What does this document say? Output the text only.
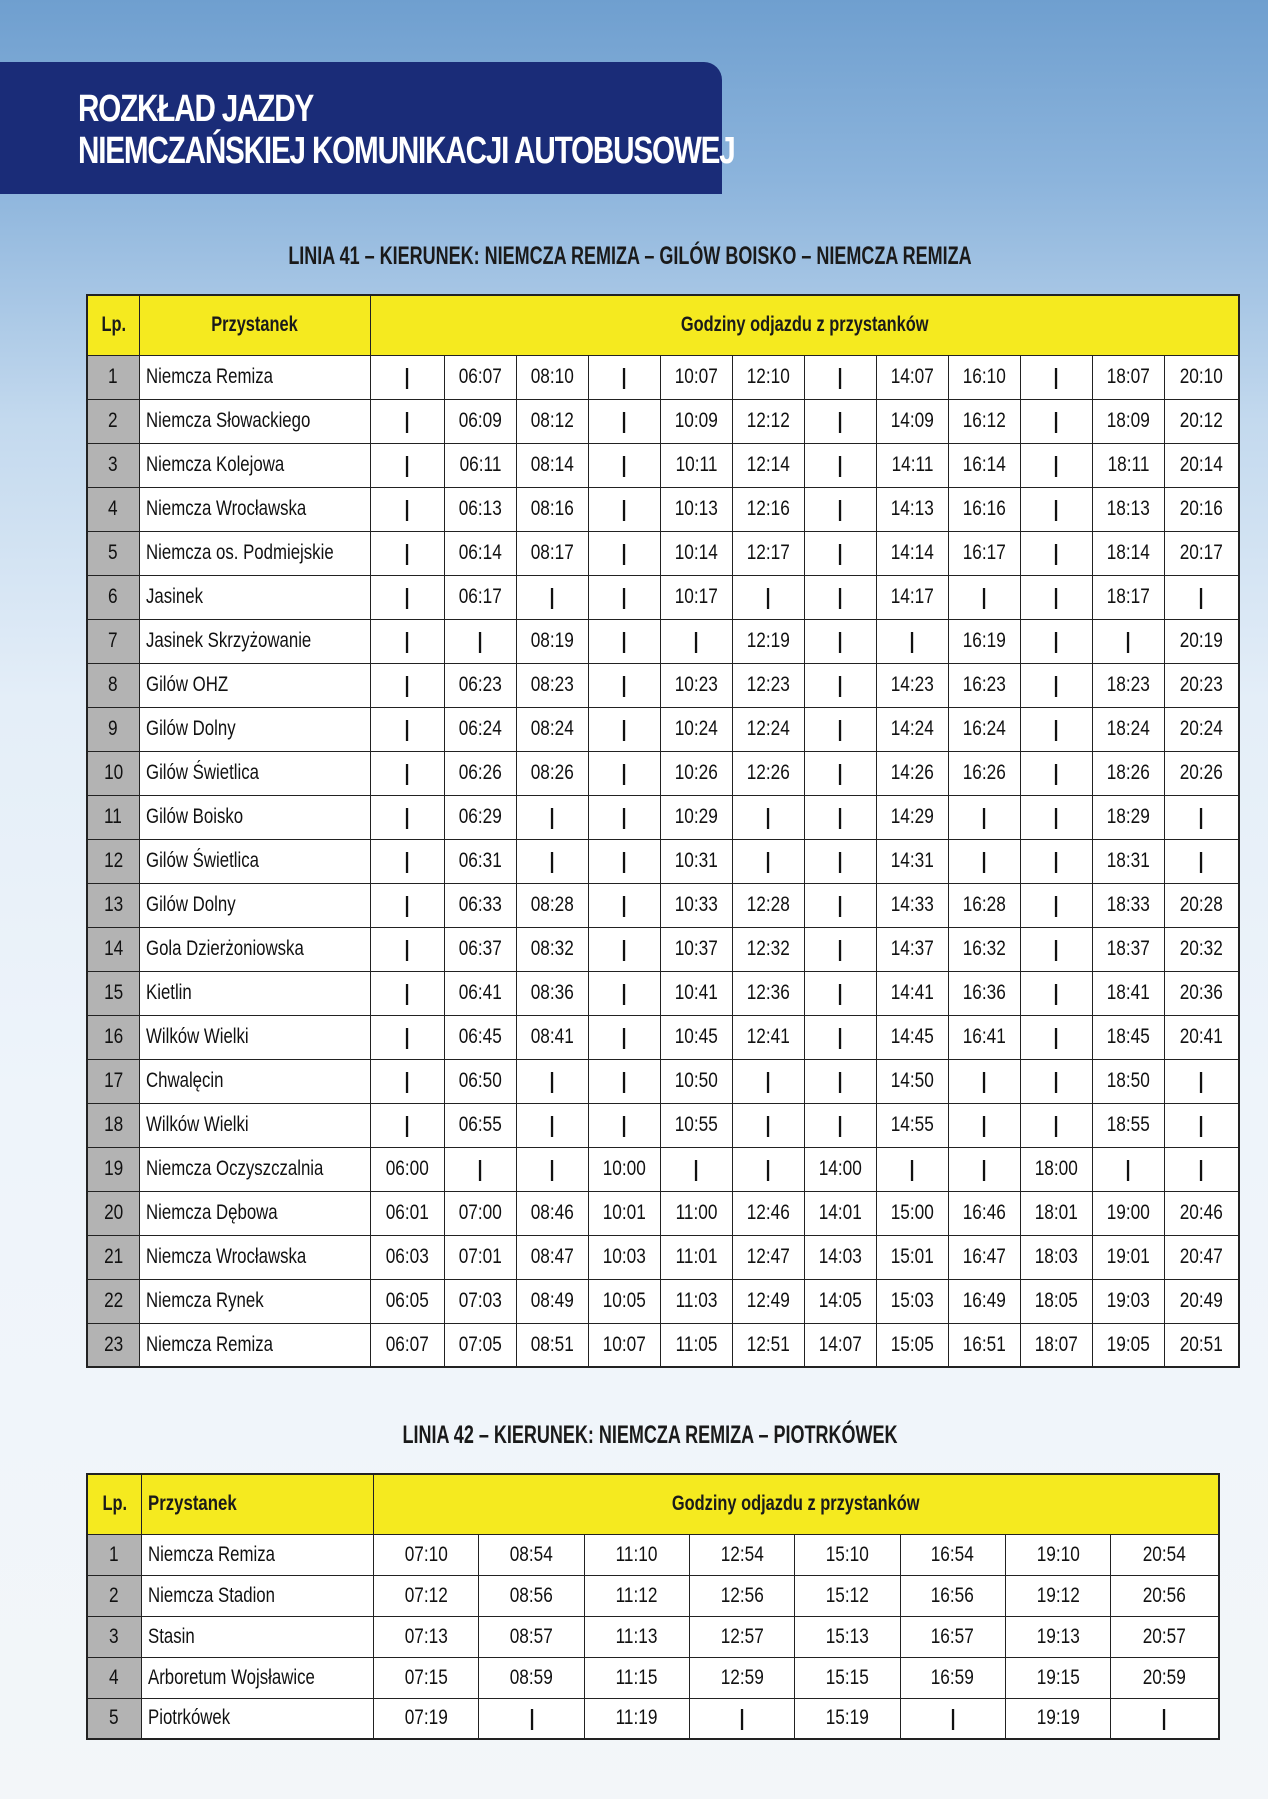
ROZKŁAD JAZDY
NIEMCZAŃSKIEJ KOMUNIKACJI AUTOBUSOWEJ
LINIA 41 – KIERUNEK: NIEMCZA REMIZA – GILÓW BOISKO – NIEMCZA REMIZA
Lp.	Przystanek	Godziny odjazdu z przystanków											
1	Niemcza Remiza	|	06:07	08:10	|	10:07	12:10	|	14:07	16:10	|	18:07	20:10
2	Niemcza Słowackiego	|	06:09	08:12	|	10:09	12:12	|	14:09	16:12	|	18:09	20:12
3	Niemcza Kolejowa	|	06:11	08:14	|	10:11	12:14	|	14:11	16:14	|	18:11	20:14
4	Niemcza Wrocławska	|	06:13	08:16	|	10:13	12:16	|	14:13	16:16	|	18:13	20:16
5	Niemcza os. Podmiejskie	|	06:14	08:17	|	10:14	12:17	|	14:14	16:17	|	18:14	20:17
6	Jasinek	|	06:17	|	|	10:17	|	|	14:17	|	|	18:17	|
7	Jasinek Skrzyżowanie	|	|	08:19	|	|	12:19	|	|	16:19	|	|	20:19
8	Gilów OHZ	|	06:23	08:23	|	10:23	12:23	|	14:23	16:23	|	18:23	20:23
9	Gilów Dolny	|	06:24	08:24	|	10:24	12:24	|	14:24	16:24	|	18:24	20:24
10	Gilów Świetlica	|	06:26	08:26	|	10:26	12:26	|	14:26	16:26	|	18:26	20:26
11	Gilów Boisko	|	06:29	|	|	10:29	|	|	14:29	|	|	18:29	|
12	Gilów Świetlica	|	06:31	|	|	10:31	|	|	14:31	|	|	18:31	|
13	Gilów Dolny	|	06:33	08:28	|	10:33	12:28	|	14:33	16:28	|	18:33	20:28
14	Gola Dzierżoniowska	|	06:37	08:32	|	10:37	12:32	|	14:37	16:32	|	18:37	20:32
15	Kietlin	|	06:41	08:36	|	10:41	12:36	|	14:41	16:36	|	18:41	20:36
16	Wilków Wielki	|	06:45	08:41	|	10:45	12:41	|	14:45	16:41	|	18:45	20:41
17	Chwalęcin	|	06:50	|	|	10:50	|	|	14:50	|	|	18:50	|
18	Wilków Wielki	|	06:55	|	|	10:55	|	|	14:55	|	|	18:55	|
19	Niemcza Oczyszczalnia	06:00	|	|	10:00	|	|	14:00	|	|	18:00	|	|
20	Niemcza Dębowa	06:01	07:00	08:46	10:01	11:00	12:46	14:01	15:00	16:46	18:01	19:00	20:46
21	Niemcza Wrocławska	06:03	07:01	08:47	10:03	11:01	12:47	14:03	15:01	16:47	18:03	19:01	20:47
22	Niemcza Rynek	06:05	07:03	08:49	10:05	11:03	12:49	14:05	15:03	16:49	18:05	19:03	20:49
23	Niemcza Remiza	06:07	07:05	08:51	10:07	11:05	12:51	14:07	15:05	16:51	18:07	19:05	20:51
LINIA 42 – KIERUNEK: NIEMCZA REMIZA – PIOTRKÓWEK
Lp.	Przystanek	Godziny odjazdu z przystanków							
1	Niemcza Remiza	07:10	08:54	11:10	12:54	15:10	16:54	19:10	20:54
2	Niemcza Stadion	07:12	08:56	11:12	12:56	15:12	16:56	19:12	20:56
3	Stasin	07:13	08:57	11:13	12:57	15:13	16:57	19:13	20:57
4	Arboretum Wojsławice	07:15	08:59	11:15	12:59	15:15	16:59	19:15	20:59
5	Piotrkówek	07:19	|	11:19	|	15:19	|	19:19	|
